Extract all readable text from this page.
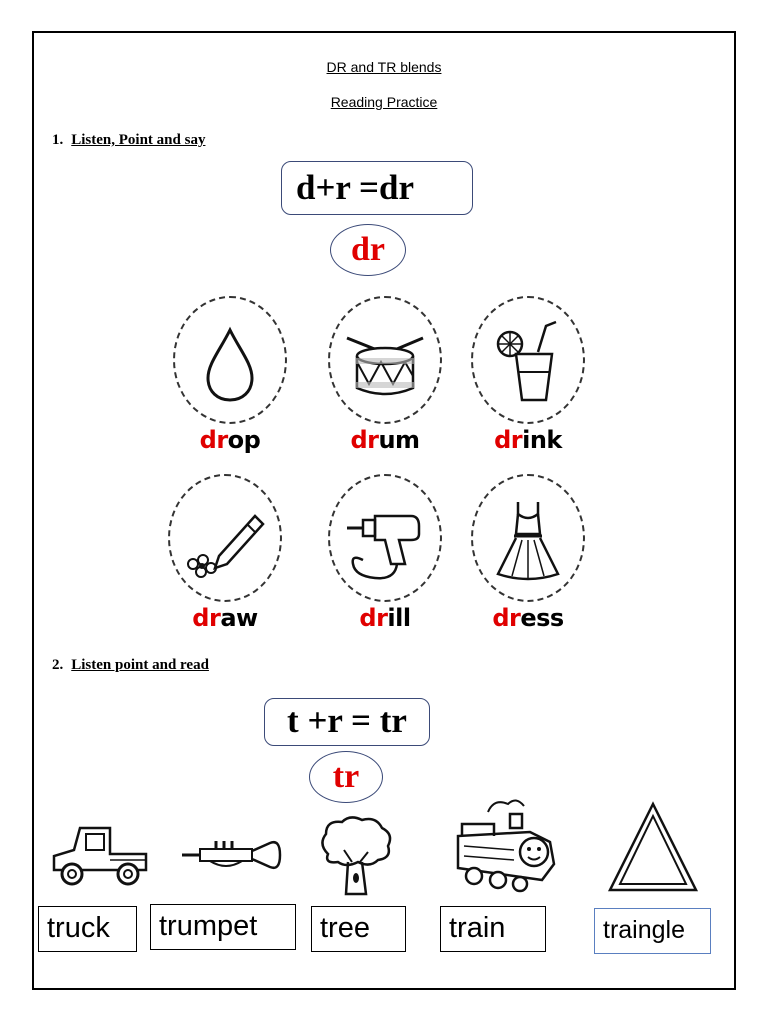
DR and TR blends
Reading Practice
1. Listen, Point and say
d+r =dr
dr
drop	drum	drink
draw	drill	dress
2. Listen point and read
t +r = tr
tr
truck	trumpet	tree	train	traingle
